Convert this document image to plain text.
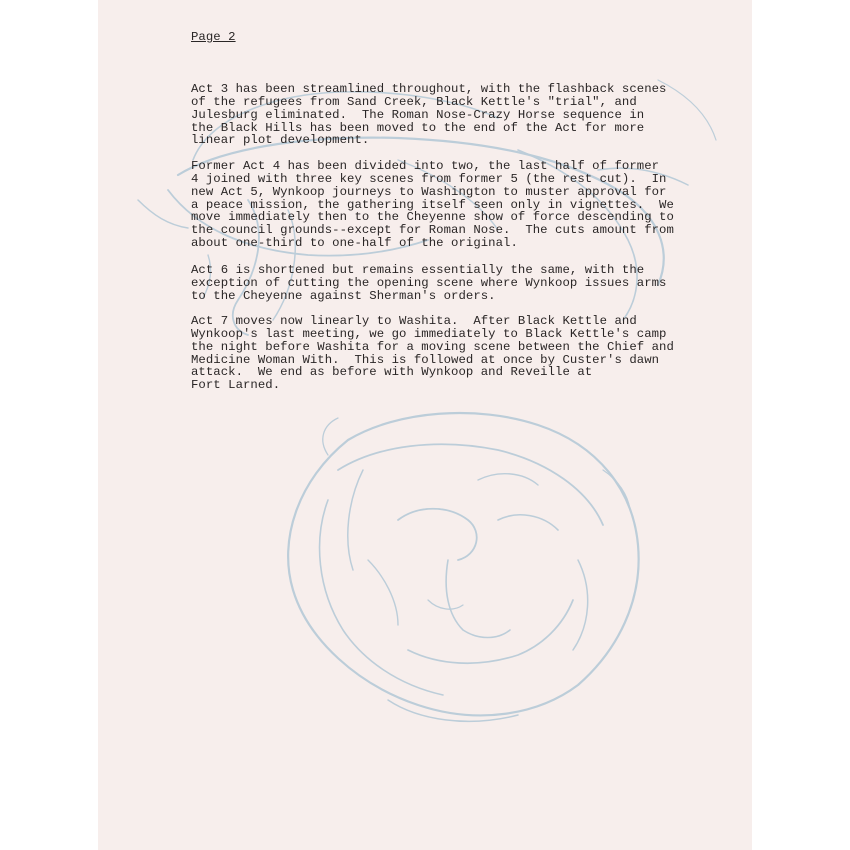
Page 2

Act 3 has been streamlined throughout, with the flashback scenes
of the refugees from Sand Creek, Black Kettle's "trial", and
Julesburg eliminated.  The Roman Nose-Crazy Horse sequence in
the Black Hills has been moved to the end of the Act for more
linear plot development.

Former Act 4 has been divided into two, the last half of former
4 joined with three key scenes from former 5 (the rest cut).  In
new Act 5, Wynkoop journeys to Washington to muster approval for
a peace mission, the gathering itself seen only in vignettes.  We
move immediately then to the Cheyenne show of force descending to
the council grounds--except for Roman Nose.  The cuts amount from
about one-third to one-half of the original.

Act 6 is shortened but remains essentially the same, with the
exception of cutting the opening scene where Wynkoop issues arms
to the Cheyenne against Sherman's orders.

Act 7 moves now linearly to Washita.  After Black Kettle and
Wynkoop's last meeting, we go immediately to Black Kettle's camp
the night before Washita for a moving scene between the Chief and
Medicine Woman With.  This is followed at once by Custer's dawn
attack.  We end as before with Wynkoop and Reveille at
Fort Larned.
